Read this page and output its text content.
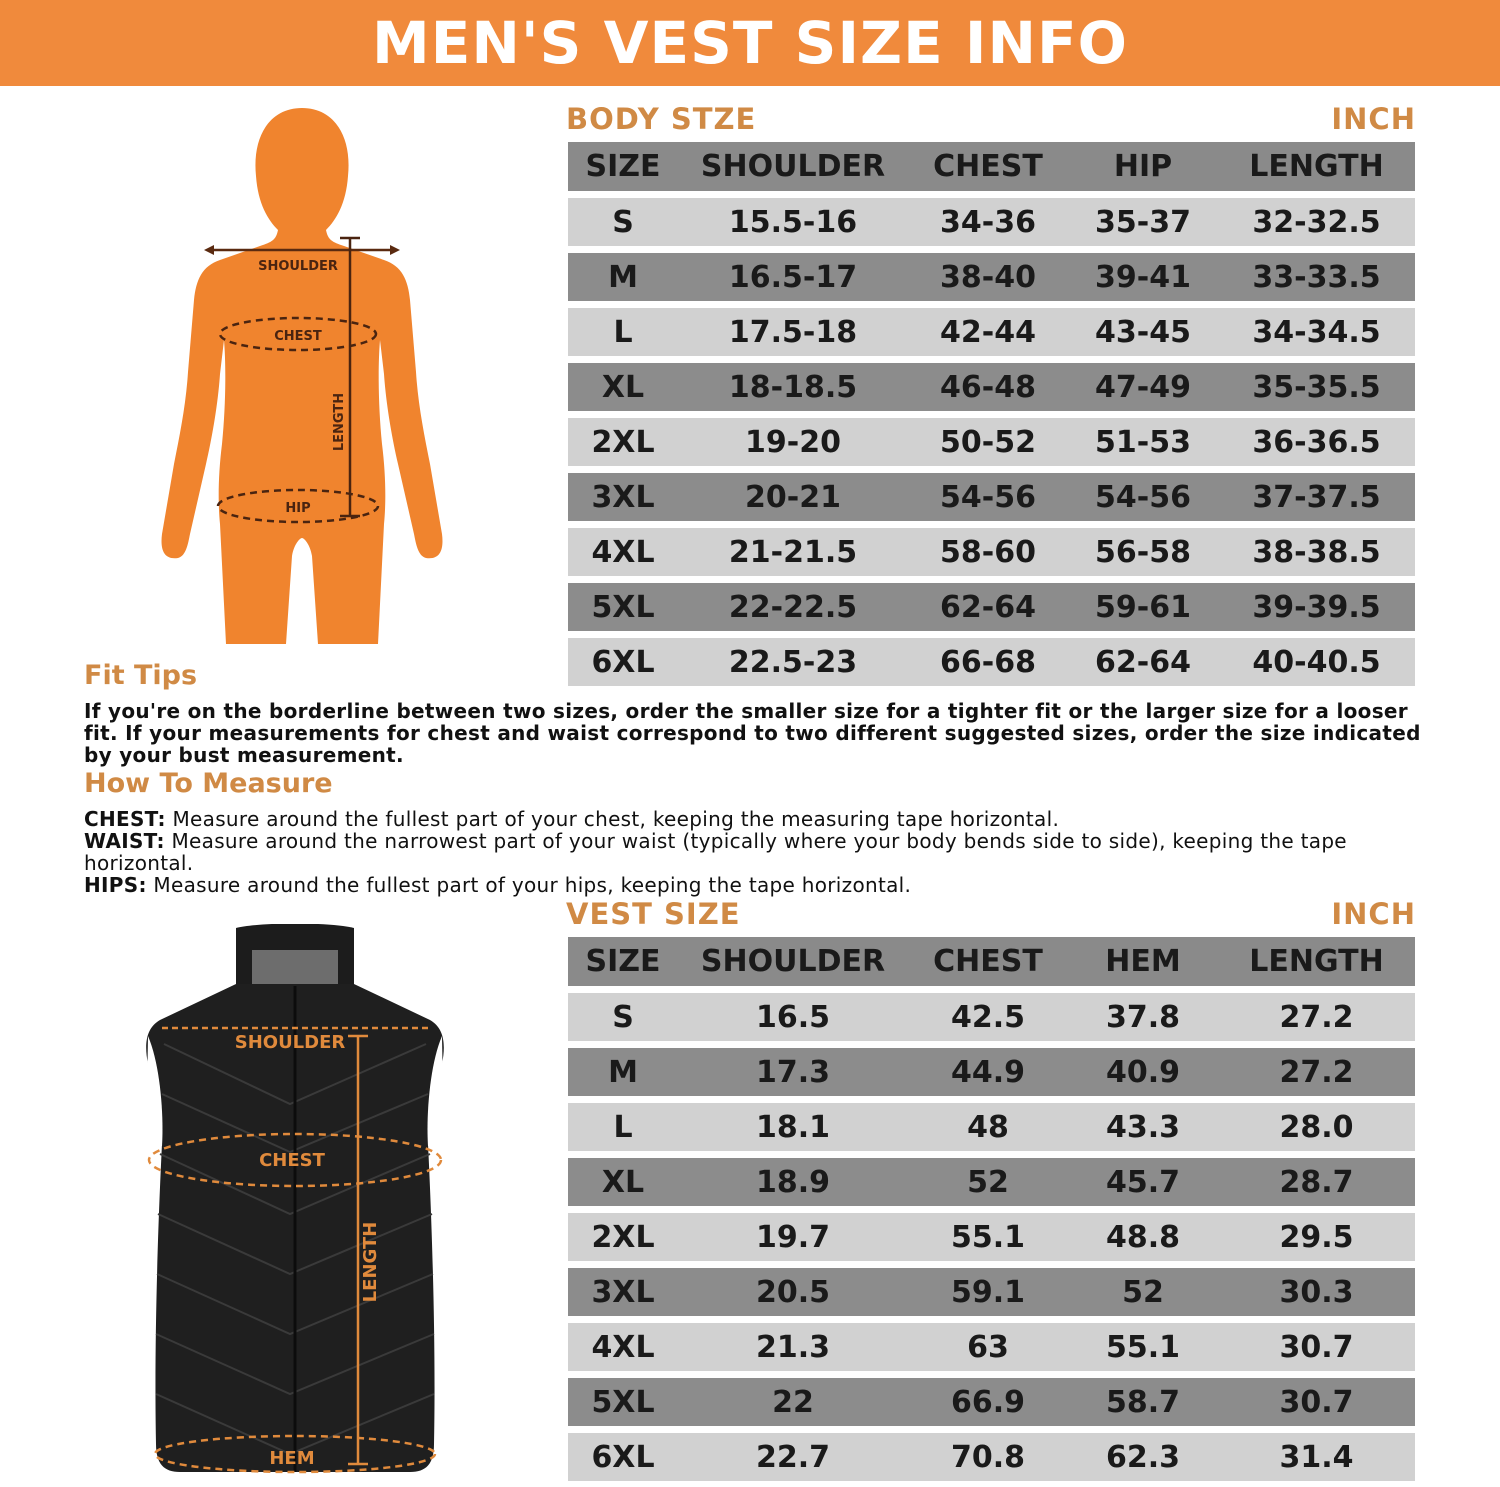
MEN'S VEST SIZE INFO

BODY STZE	INCH

SHOULDER
CHEST
LENGTH
HIP
SIZE	SHOULDER	CHEST	HIP	LENGTH

S	15.5-16	34-36	35-37	32-32.5

M	16.5-17	38-40	39-41	33-33.5

L	17.5-18	42-44	43-45	34-34.5

XL	18-18.5	46-48	47-49	35-35.5

2XL	19-20	50-52	51-53	36-36.5

3XL	20-21	54-56	54-56	37-37.5

4XL	21-21.5	58-60	56-58	38-38.5

5XL	22-22.5	62-64	59-61	39-39.5

6XL	22.5-23	66-68	62-64	40-40.5

Fit Tips

If you're on the borderline between two sizes, order the smaller size for a tighter fit or the larger size for a looser fit. If your measurements for chest and waist correspond to two different suggested sizes, order the size indicated by your bust measurement.

How To Measure

CHEST: Measure around the fullest part of your chest, keeping the measuring tape horizontal.
WAIST: Measure around the narrowest part of your waist (typically where your body bends side to side), keeping the tape horizontal.
HIPS: Measure around the fullest part of your hips, keeping the tape horizontal.

VEST SIZE	INCH

SHOULDER
CHEST
LENGTH
HEM
SIZE	SHOULDER	CHEST	HEM	LENGTH

S	16.5	42.5	37.8	27.2

M	17.3	44.9	40.9	27.2

L	18.1	48	43.3	28.0

XL	18.9	52	45.7	28.7

2XL	19.7	55.1	48.8	29.5

3XL	20.5	59.1	52	30.3

4XL	21.3	63	55.1	30.7

5XL	22	66.9	58.7	30.7

6XL	22.7	70.8	62.3	31.4
